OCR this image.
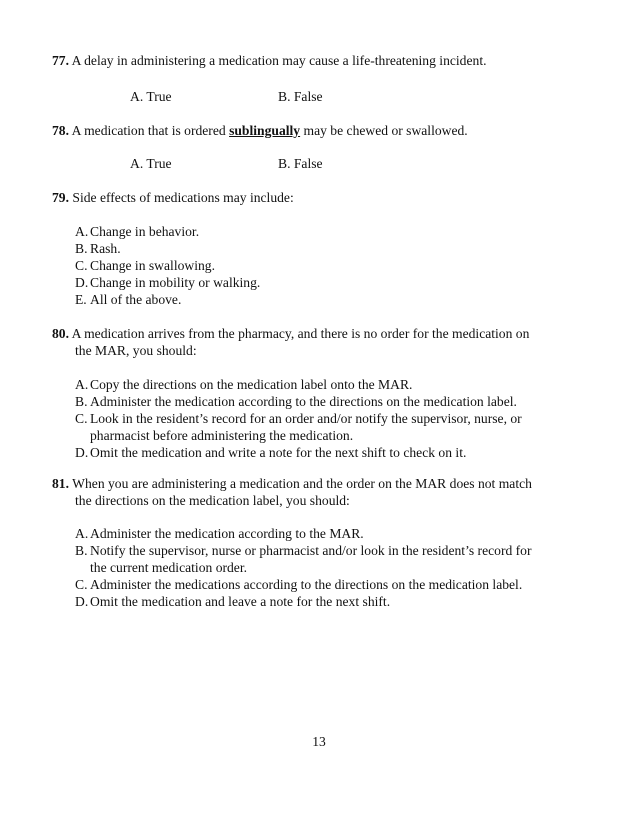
77. A delay in administering a medication may cause a life-threatening incident.
A. True	B. False
78. A medication that is ordered sublingually may be chewed or swallowed.
A. True	B. False
79. Side effects of medications may include:
A. Change in behavior.
B. Rash.
C. Change in swallowing.
D. Change in mobility or walking.
E. All of the above.
80. A medication arrives from the pharmacy, and there is no order for the medication on
the MAR, you should:
A. Copy the directions on the medication label onto the MAR.
B. Administer the medication according to the directions on the medication label.
C. Look in the resident’s record for an order and/or notify the supervisor, nurse, or
pharmacist before administering the medication.
D. Omit the medication and write a note for the next shift to check on it.
81. When you are administering a medication and the order on the MAR does not match
the directions on the medication label, you should:
A. Administer the medication according to the MAR.
B. Notify the supervisor, nurse or pharmacist and/or look in the resident’s record for
the current medication order.
C. Administer the medications according to the directions on the medication label.
D. Omit the medication and leave a note for the next shift.
13
